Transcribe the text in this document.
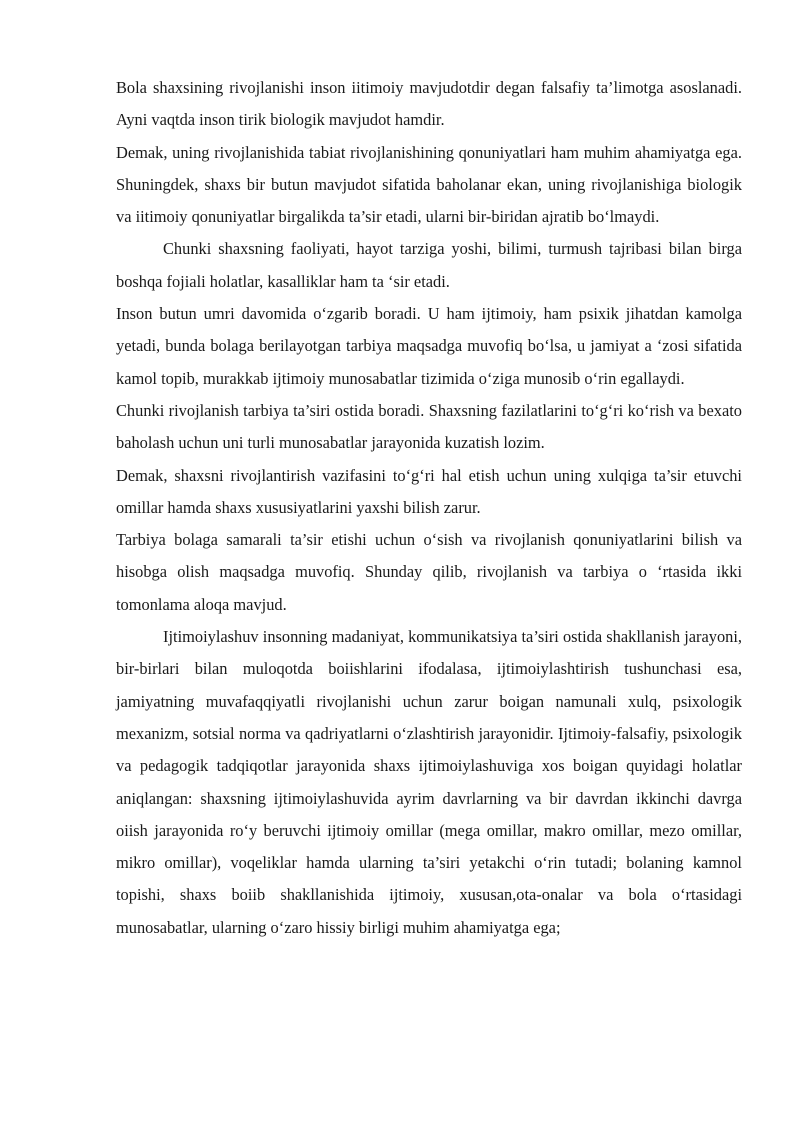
Bola shaxsining rivojlanishi inson iitimoiy mavjudotdir degan falsafiy ta’limotga asoslanadi. Ayni vaqtda inson tirik biologik mavjudot hamdir.

Demak, uning rivojlanishida tabiat rivojlanishining qonuniyatlari ham muhim ahamiyatga ega. Shuningdek, shaxs bir butun mavjudot sifatida baholanar ekan, uning rivojlanishiga biologik va iitimoiy qonuniyatlar birgalikda ta’sir etadi, ularni bir-biridan ajratib bo‘lmaydi.

Chunki shaxsning faoliyati, hayot tarziga yoshi, bilimi, turmush tajribasi bilan birga boshqa fojiali holatlar, kasalliklar ham ta ‘sir etadi.

Inson butun umri davomida o‘zgarib boradi. U ham ijtimoiy, ham psixik jihatdan kamolga yetadi, bunda bolaga berilayotgan tarbiya maqsadga muvofiq bo‘lsa, u jamiyat a ‘zosi sifatida kamol topib, murakkab ijtimoiy munosabatlar tizimida o‘ziga munosib o‘rin egallaydi.

Chunki rivojlanish tarbiya ta’siri ostida boradi. Shaxsning fazilatlarini to‘g‘ri ko‘rish va bexato baholash uchun uni turli munosabatlar jarayonida kuzatish lozim.

Demak, shaxsni rivojlantirish vazifasini to‘g‘ri hal etish uchun uning xulqiga ta’sir etuvchi omillar hamda shaxs xususiyatlarini yaxshi bilish zarur.

Tarbiya bolaga samarali ta’sir etishi uchun o‘sish va rivojlanish qonuniyatlarini bilish va hisobga olish maqsadga muvofiq. Shunday qilib, rivojlanish va tarbiya o ‘rtasida ikki tomonlama aloqa mavjud.

Ijtimoiylashuv insonning madaniyat, kommunikatsiya ta’siri ostida shakllanish jarayoni, bir-birlari bilan muloqotda boiishlarini ifodalasa, ijtimoiylashtirish tushunchasi esa, jamiyatning muvafaqqiyatli rivojlanishi uchun zarur boigan namunali xulq, psixologik mexanizm, sotsial norma va qadriyatlarni o‘zlashtirish jarayonidir. Ijtimoiy-falsafiy, psixologik va pedagogik tadqiqotlar jarayonida shaxs ijtimoiylashuviga xos boigan quyidagi holatlar aniqlangan: shaxsning ijtimoiylashuvida ayrim davrlarning va bir davrdan ikkinchi davrga oiish jarayonida ro‘y beruvchi ijtimoiy omillar (mega omillar, makro omillar, mezo omillar, mikro omillar), voqeliklar hamda ularning ta’siri yetakchi o‘rin tutadi; bolaning kamnol topishi, shaxs boiib shakllanishida ijtimoiy, xususan,ota-onalar va bola o‘rtasidagi munosabatlar, ularning o‘zaro hissiy birligi muhim ahamiyatga ega;
